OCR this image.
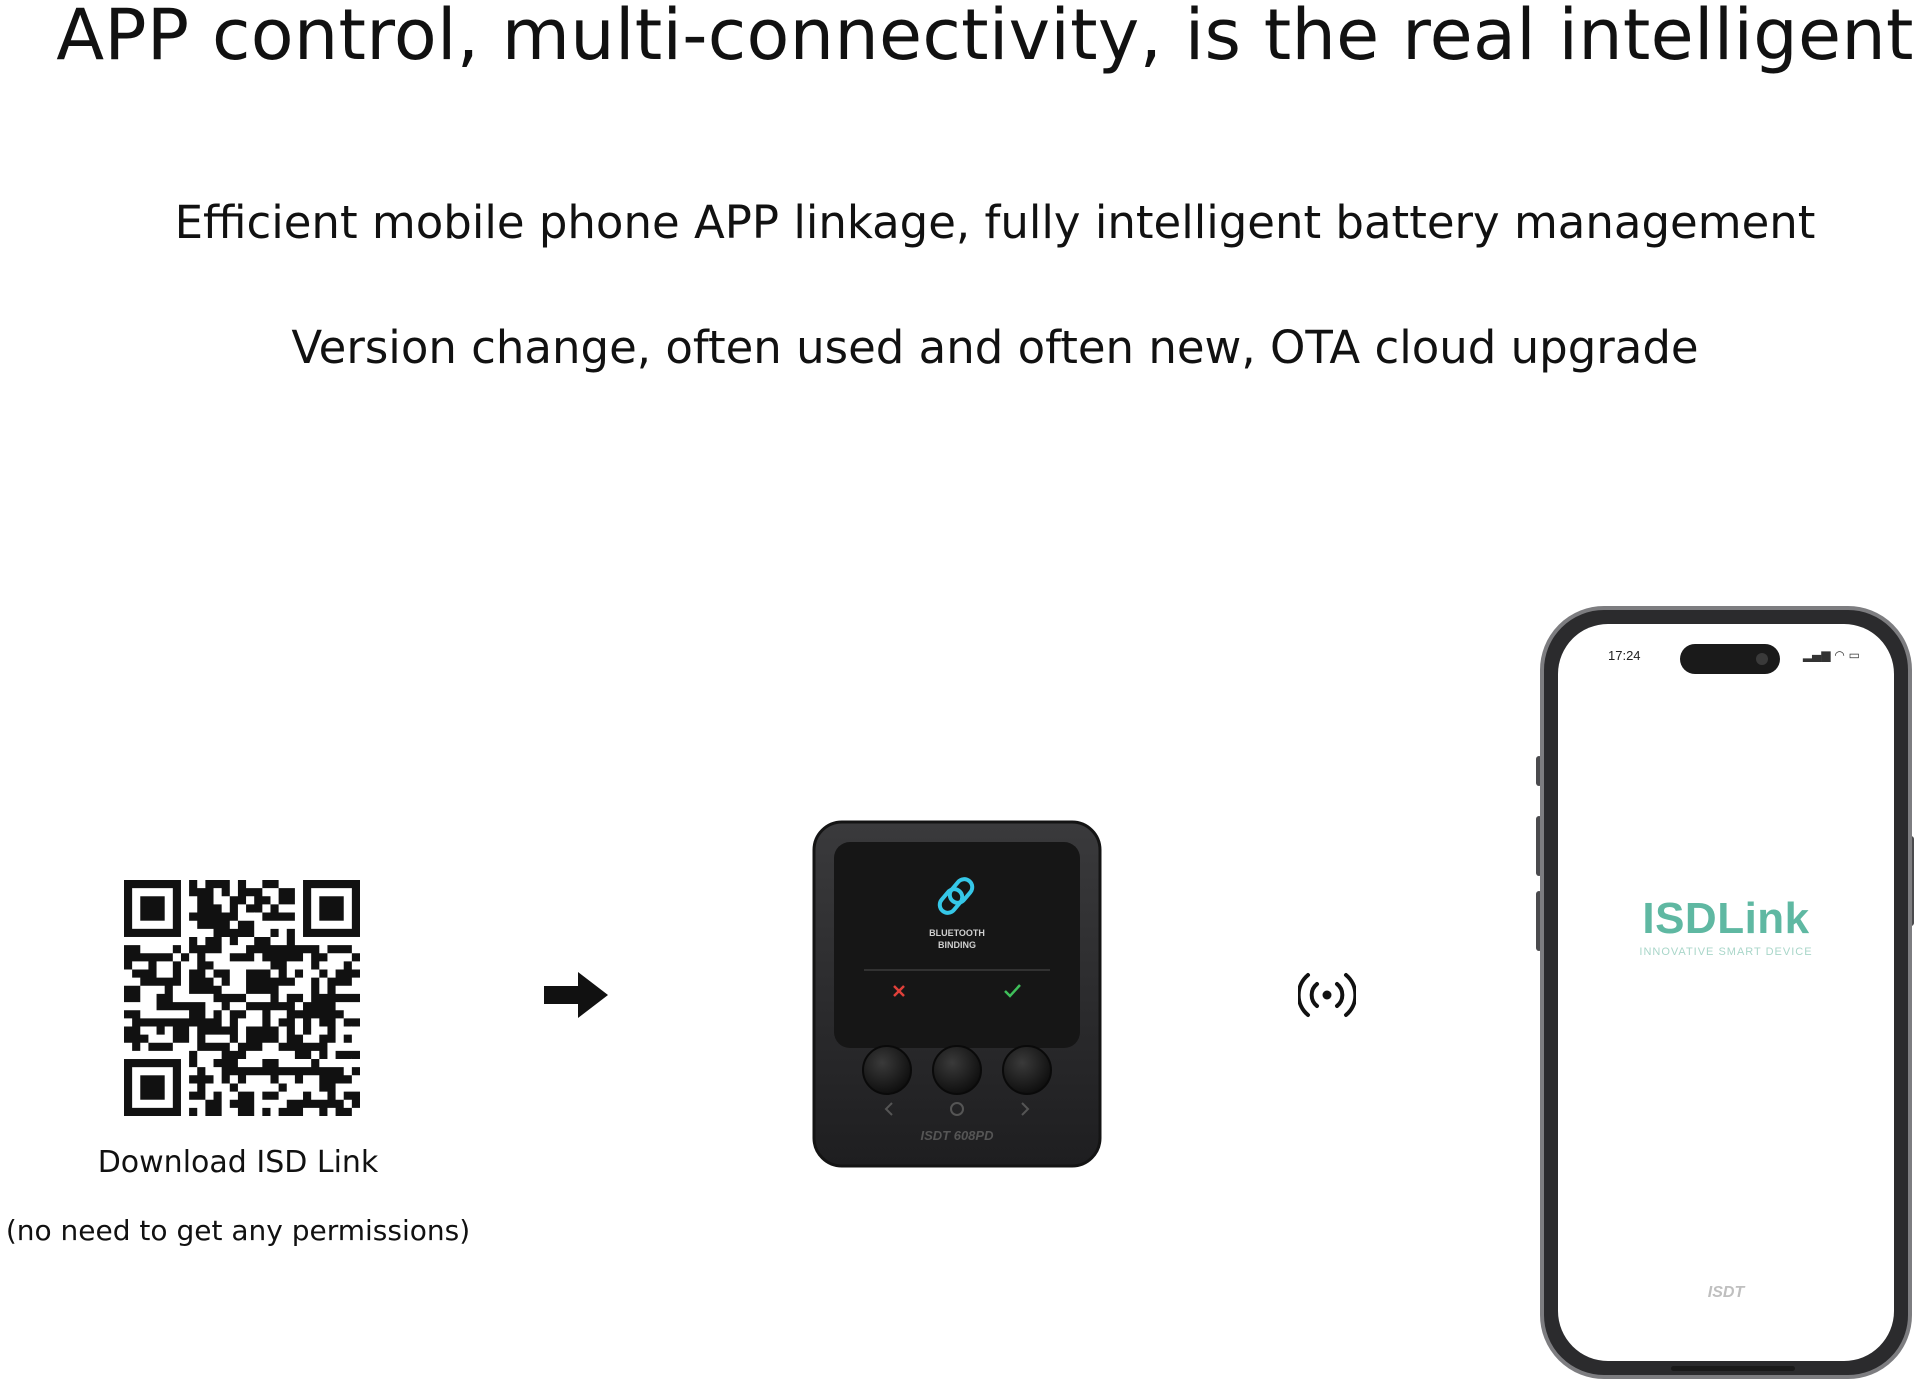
APP control, multi-connectivity, is the real intelligent

Efficient mobile phone APP linkage, fully intelligent battery management

Version change, often used and often new, OTA cloud upgrade

Download ISD Link
(no need to get any permissions)
BLUETOOTH
BINDING
ISDT 608PD
17:24	▂▄▆ ◠ ▭
ISDLink
INNOVATIVE SMART DEVICE
ISDT
